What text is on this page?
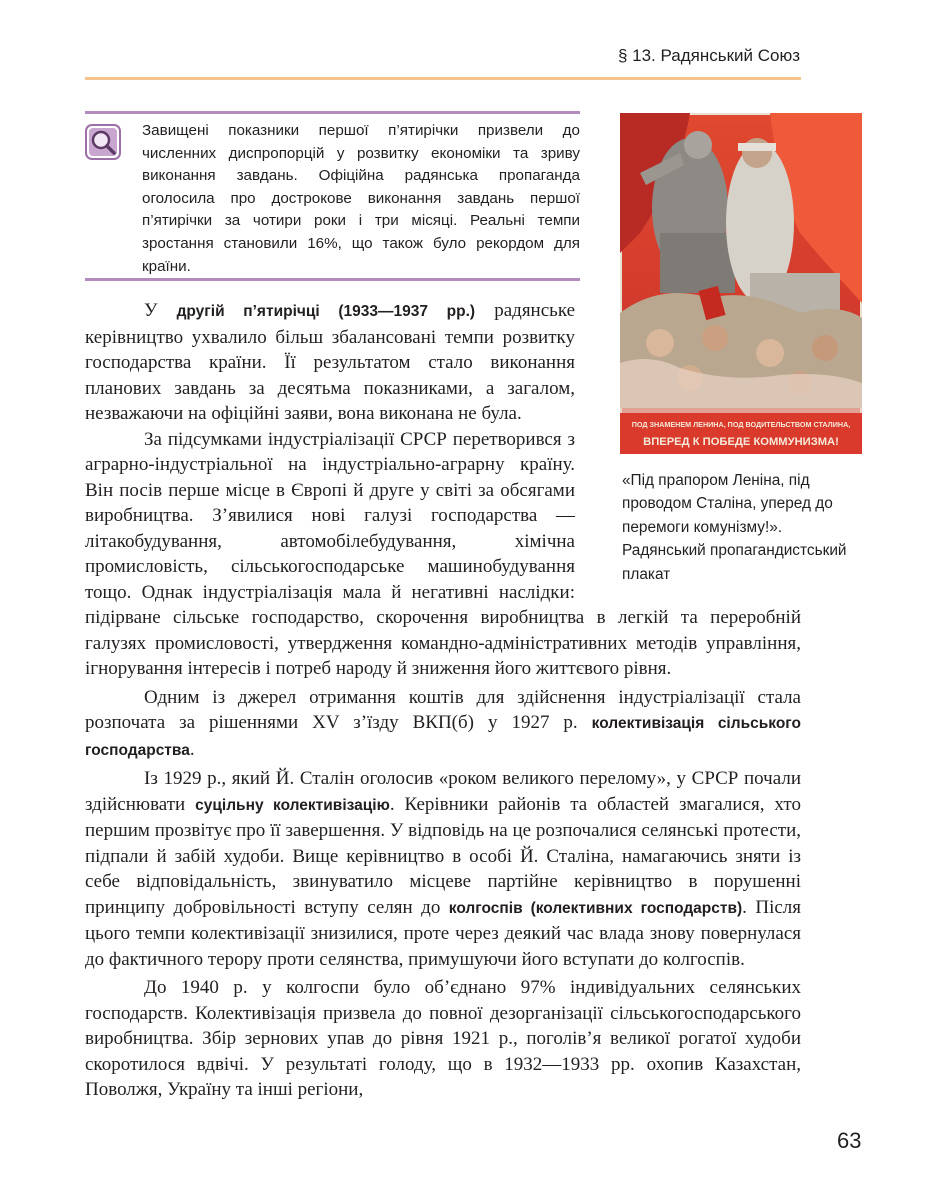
§ 13. Радянський Союз
Завищені показники першої п’ятирічки призвели до численних диспропорцій у розвитку економіки та зриву виконання завдань. Офіційна радянська пропаганда оголосила про дострокове виконання завдань першої п’ятирічки за чотири роки і три місяці. Реальні темпи зростання становили 16%, що також було рекордом для країни.
ПОД ЗНАМЕНЕМ ЛЕНИНА, ПОД ВОДИТЕЛЬСТВОМ СТАЛИНА,
ВПЕРЕД К ПОБЕДЕ КОММУНИЗМА!
«Під прапором Леніна, під проводом Сталіна, уперед до перемоги комунізму!».
Радянський пропагандистський плакат

У другій п’ятирічці (1933—1937 рр.) радянське керівництво ухвалило більш збалансовані темпи розвитку господарства країни. Її результатом стало виконання планових завдань за десятьма показниками, а загалом, незважаючи на офіційні заяви, вона виконана не була.

За підсумками індустріалізації СРСР перетворився з аграрно-індустріальної на індустріально-аграрну країну. Він посів перше місце в Європі й друге у світі за обсягами виробництва. З’явилися нові галузі господарства — літакобудування, автомобілебудування, хімічна промисловість, сільськогосподарське машинобудування тощо. Однак індустріалізація мала й негативні наслідки: підірване сільське господарство, скорочення виробництва в легкій та переробній галузях промисловості, утвердження командно-адміністративних методів управління, ігнорування інтересів і потреб народу й зниження його життєвого рівня.

Одним із джерел отримання коштів для здійснення індустріалізації стала розпочата за рішеннями XV з’їзду ВКП(б) у 1927 р. колективізація сільського господарства.

Із 1929 р., який Й. Сталін оголосив «роком великого перелому», у СРСР почали здійснювати суцільну колективізацію. Керівники районів та областей змагалися, хто першим прозвітує про її завершення. У відповідь на це розпочалися селянські протести, підпали й забій худоби. Вище керівництво в особі Й. Сталіна, намагаючись зняти із себе відповідальність, звинуватило місцеве партійне керівництво в порушенні принципу добровільності вступу селян до колгоспів (колективних господарств). Після цього темпи колективізації знизилися, проте через деякий час влада знову повернулася до фактичного терору проти селянства, примушуючи його вступати до колгоспів.

До 1940 р. у колгоспи було об’єднано 97% індивідуальних селянських господарств. Колективізація призвела до повної дезорганізації сільськогосподарського виробництва. Збір зернових упав до рівня 1921 р., поголів’я великої рогатої худоби скоротилося вдвічі. У результаті голоду, що в 1932—1933 рр. охопив Казахстан, Поволжя, Україну та інші регіони,

63
